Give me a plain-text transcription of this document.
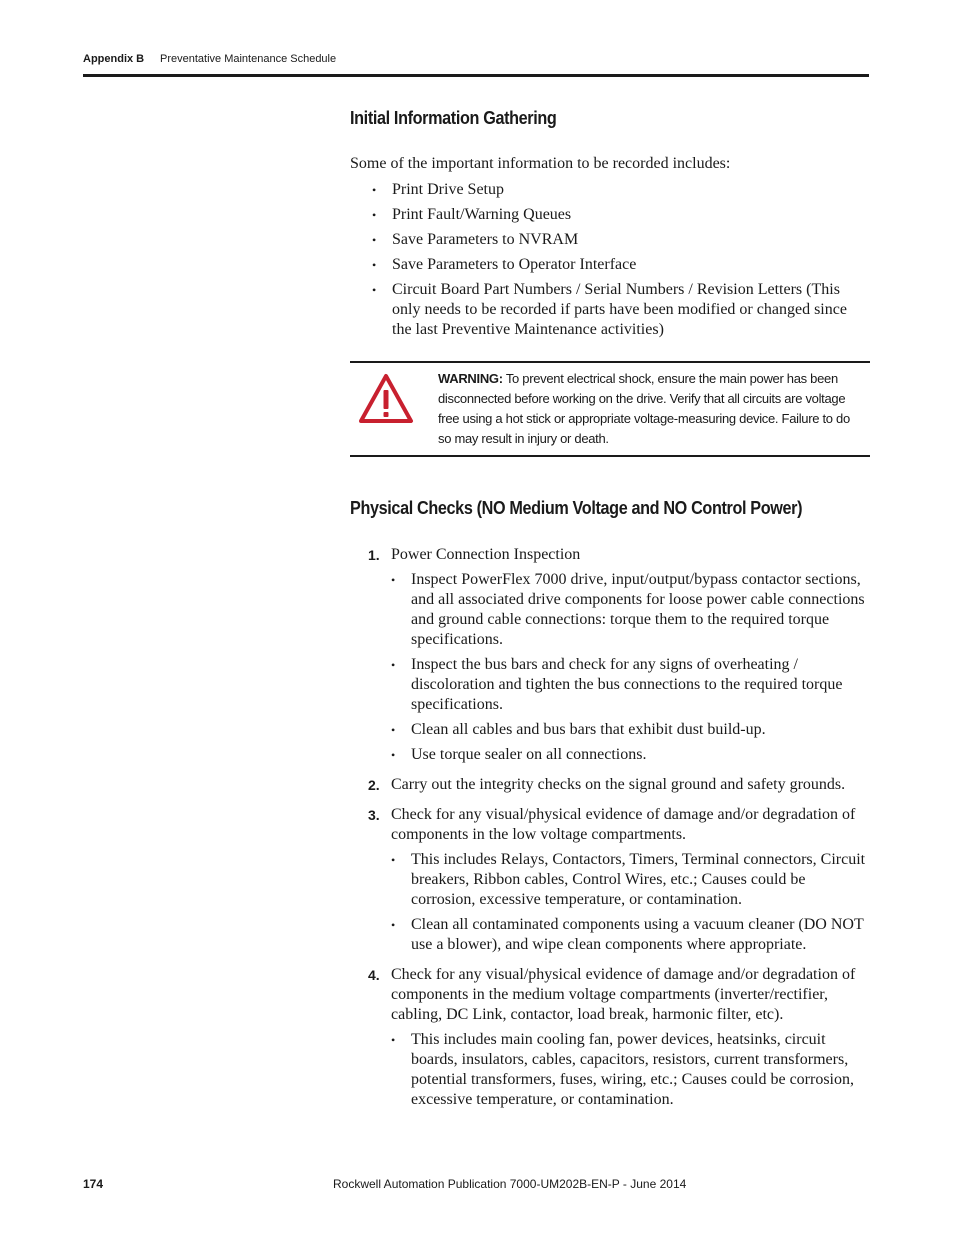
Appendix B Preventative Maintenance Schedule
Initial Information Gathering

Some of the important information to be recorded includes:

• Print Drive Setup
• Print Fault/Warning Queues
• Save Parameters to NVRAM
• Save Parameters to Operator Interface
• Circuit Board Part Numbers / Serial Numbers / Revision Letters (This only needs to be recorded if parts have been modified or changed since the last Preventive Maintenance activities)
WARNING: To prevent electrical shock, ensure the main power has been disconnected before working on the drive. Verify that all circuits are voltage free using a hot stick or appropriate voltage-measuring device. Failure to do so may result in injury or death.
Physical Checks (NO Medium Voltage and NO Control Power)
1. Power Connection Inspection
• Inspect PowerFlex 7000 drive, input/output/bypass contactor sections, and all associated drive components for loose power cable connections and ground cable connections: torque them to the required torque specifications.
• Inspect the bus bars and check for any signs of overheating / discoloration and tighten the bus connections to the required torque specifications.
• Clean all cables and bus bars that exhibit dust build-up.
• Use torque sealer on all connections.
2. Carry out the integrity checks on the signal ground and safety grounds.
3. Check for any visual/physical evidence of damage and/or degradation of components in the low voltage compartments.
• This includes Relays, Contactors, Timers, Terminal connectors, Circuit breakers, Ribbon cables, Control Wires, etc.; Causes could be corrosion, excessive temperature, or contamination.
• Clean all contaminated components using a vacuum cleaner (DO NOT use a blower), and wipe clean components where appropriate.
4. Check for any visual/physical evidence of damage and/or degradation of components in the medium voltage compartments (inverter/rectifier, cabling, DC Link, contactor, load break, harmonic filter, etc).
• This includes main cooling fan, power devices, heatsinks, circuit boards, insulators, cables, capacitors, resistors, current transformers, potential transformers, fuses, wiring, etc.; Causes could be corrosion, excessive temperature, or contamination.
174	Rockwell Automation Publication 7000-UM202B-EN-P - June 2014
